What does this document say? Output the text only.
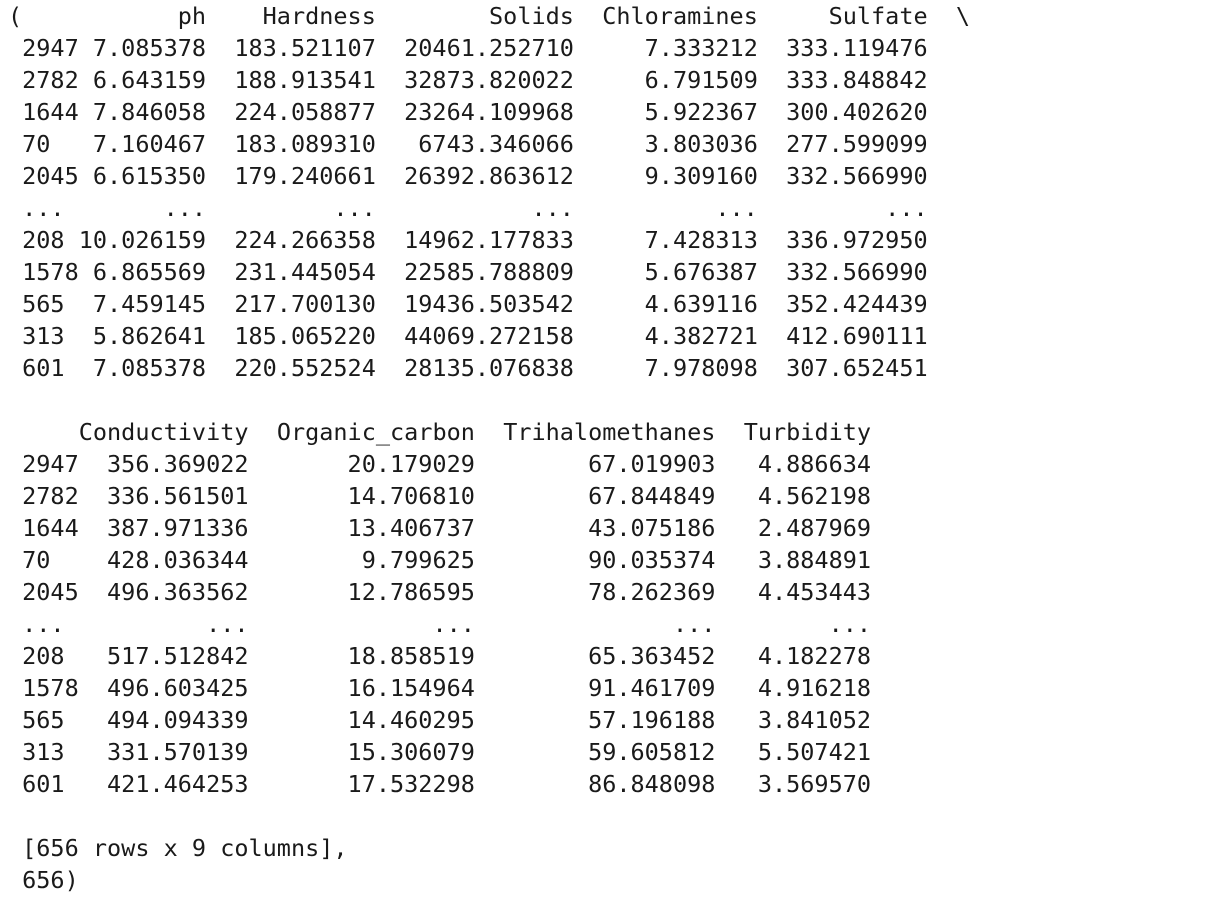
(	ph Hardness	Solids Chloramines	Sulfate \
2947 7.085378 183.521107 20461.252710	7.333212 333.119476
2782 6.643159 188.913541 32873.820022	6.791509 333.848842
1644 7.846058 224.058877 23264.109968	5.922367 300.402620
70 7.160467 183.089310 6743.346066	3.803036 277.599099
2045 6.615350 179.240661 26392.863612	9.309160 332.566990
...	...	...	...	...	...
208 10.026159 224.266358 14962.177833	7.428313 336.972950
1578 6.865569 231.445054 22585.788809	5.676387 332.566990
565 7.459145 217.700130 19436.503542	4.639116 352.424439
313 5.862641 185.065220 44069.272158	4.382721 412.690111
601 7.085378 220.552524 28135.076838	7.978098 307.652451
Conductivity Organic_carbon Trihalomethanes Turbidity
2947 356.369022	20.179029	67.019903 4.886634
2782 336.561501	14.706810	67.844849 4.562198
1644 387.971336	13.406737	43.075186 2.487969
70 428.036344	9.799625	90.035374 3.884891
2045 496.363562	12.786595	78.262369 4.453443
...	...	...	...	...
208 517.512842	18.858519	65.363452 4.182278
1578 496.603425	16.154964	91.461709 4.916218
565 494.094339	14.460295	57.196188 3.841052
313 331.570139	15.306079	59.605812 5.507421
601 421.464253	17.532298	86.848098 3.569570
[656 rows x 9 columns],
656)
